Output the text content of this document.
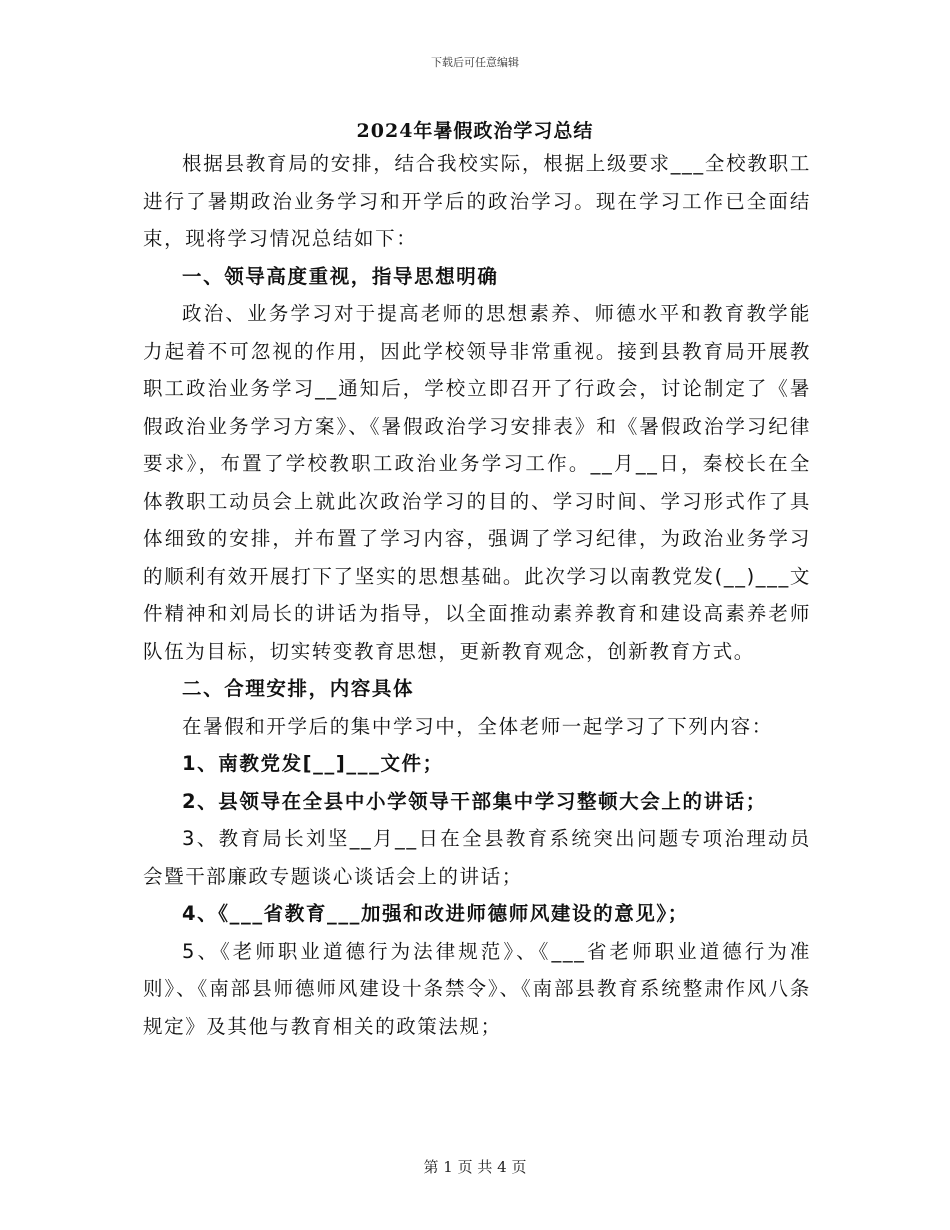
下载后可任意编辑
2024年暑假政治学习总结

根据县教育局的安排，结合我校实际，根据上级要求___全校教职工进行了暑期政治业务学习和开学后的政治学习。现在学习工作已全面结束，现将学习情况总结如下：

一、领导高度重视，指导思想明确

政治、业务学习对于提高老师的思想素养、师德水平和教育教学能力起着不可忽视的作用，因此学校领导非常重视。接到县教育局开展教职工政治业务学习__通知后，学校立即召开了行政会，讨论制定了《暑假政治业务学习方案》、《暑假政治学习安排表》和《暑假政治学习纪律要求》，布置了学校教职工政治业务学习工作。__月__日，秦校长在全体教职工动员会上就此次政治学习的目的、学习时间、学习形式作了具体细致的安排，并布置了学习内容，强调了学习纪律，为政治业务学习的顺利有效开展打下了坚实的思想基础。此次学习以南教党发(__)___文件精神和刘局长的讲话为指导，以全面推动素养教育和建设高素养老师队伍为目标，切实转变教育思想，更新教育观念，创新教育方式。

二、合理安排，内容具体

在暑假和开学后的集中学习中，全体老师一起学习了下列内容：

1、南教党发[__]___文件；

2、县领导在全县中小学领导干部集中学习整顿大会上的讲话；

3、教育局长刘坚__月__日在全县教育系统突出问题专项治理动员会暨干部廉政专题谈心谈话会上的讲话；

4、《___省教育___加强和改进师德师风建设的意见》；

5、《老师职业道德行为法律规范》、《___省老师职业道德行为准则》、《南部县师德师风建设十条禁令》、《南部县教育系统整肃作风八条规定》及其他与教育相关的政策法规；

第 1 页 共 4 页
